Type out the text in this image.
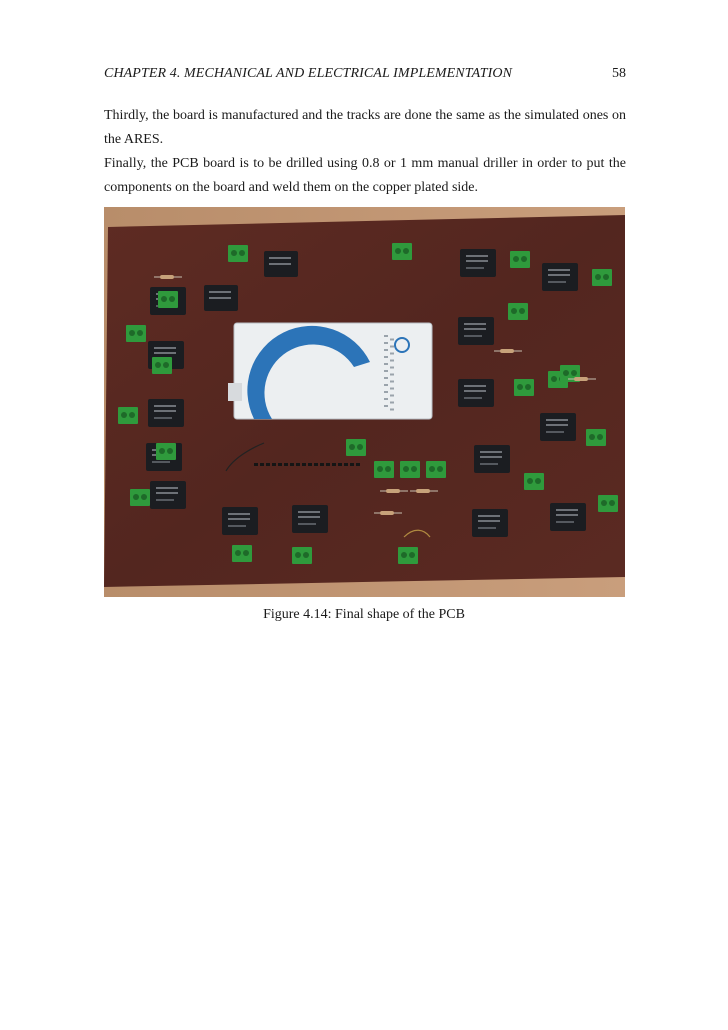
CHAPTER 4. MECHANICAL AND ELECTRICAL IMPLEMENTATION	58
Thirdly, the board is manufactured and the tracks are done the same as the simulated ones on the ARES.
Finally, the PCB board is to be drilled using 0.8 or 1 mm manual driller in order to put the components on the board and weld them on the copper plated side.
Figure 4.14: Final shape of the PCB
